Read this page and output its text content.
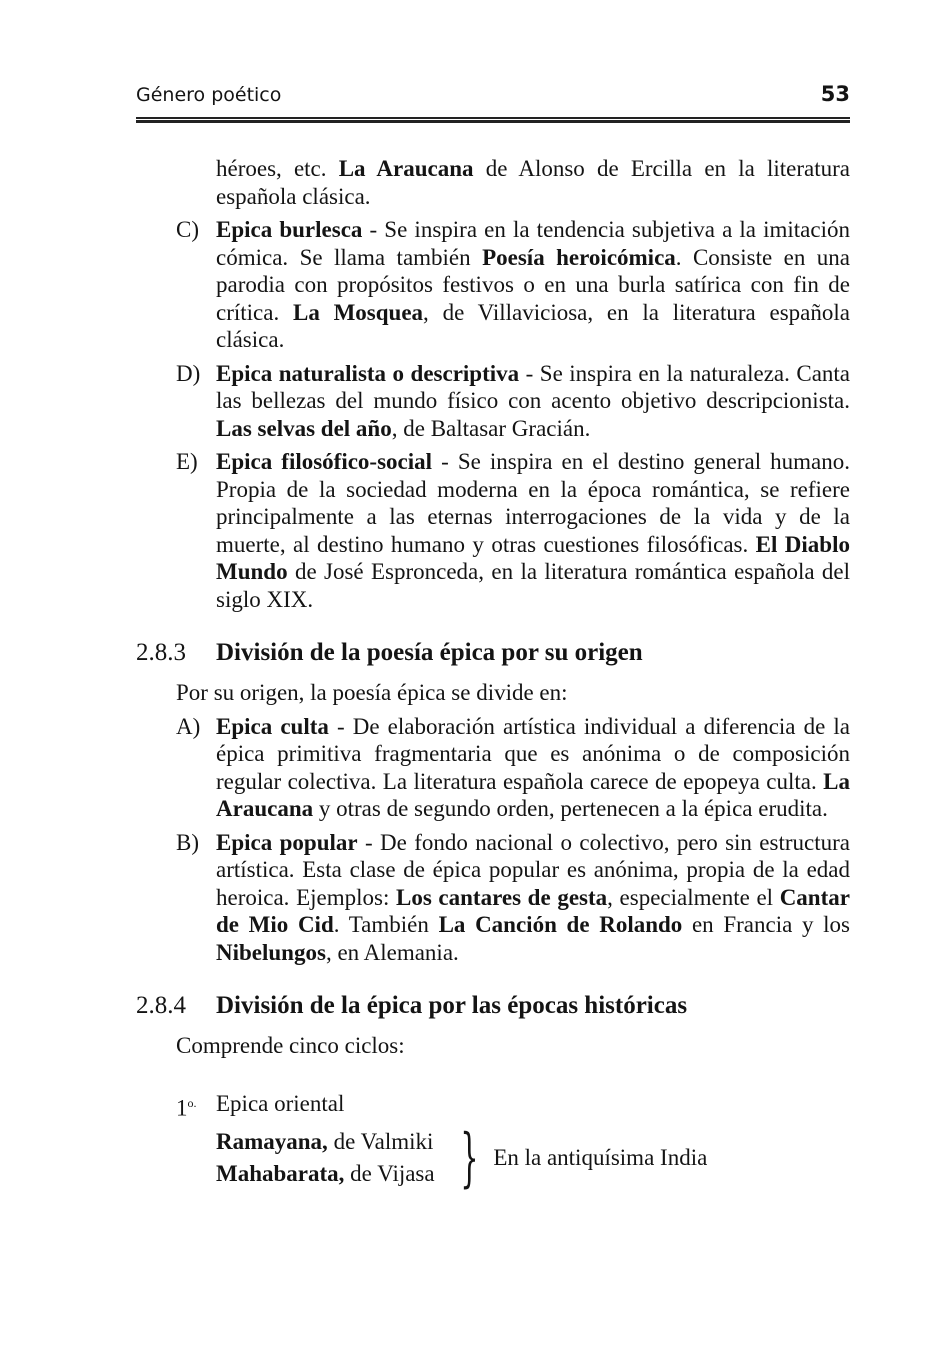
Género poético	53

héroes, etc. La Araucana de Alonso de Ercilla en la literatura española clásica.

C) Epica burlesca - Se inspira en la tendencia subjetiva a la imitación cómica. Se llama también Poesía heroicómica. Consiste en una parodia con propósitos festivos o en una burla satírica con fin de crítica. La Mosquea, de Villaviciosa, en la literatura española clásica.
D) Epica naturalista o descriptiva - Se inspira en la naturaleza. Canta las bellezas del mundo físico con acento objetivo descripcionista. Las selvas del año, de Baltasar Gracián.
E) Epica filosófico-social - Se inspira en el destino general humano. Propia de la sociedad moderna en la época romántica, se refiere principalmente a las eternas interrogaciones de la vida y de la muerte, al destino humano y otras cuestiones filosóficas. El Diablo Mundo de José Espronceda, en la literatura romántica española del siglo XIX.
2.8.3	División de la poesía épica por su origen

Por su origen, la poesía épica se divide en:

A) Epica culta - De elaboración artística individual a diferencia de la épica primitiva fragmentaria que es anónima o de composición regular colectiva. La literatura española carece de epopeya culta. La Araucana y otras de segundo orden, pertenecen a la épica erudita.
B) Epica popular - De fondo nacional o colectivo, pero sin estructura artística. Esta clase de épica popular es anónima, propia de la edad heroica. Ejemplos: Los cantares de gesta, especialmente el Cantar de Mio Cid. También La Canción de Rolando en Francia y los Nibelungos, en Alemania.
2.8.4	División de la épica por las épocas históricas

Comprende cinco ciclos:

$1^{o.}$ Epica oriental
Ramayana, de Valmiki
Mahabarata, de Vijasa } En la antiquísima India
